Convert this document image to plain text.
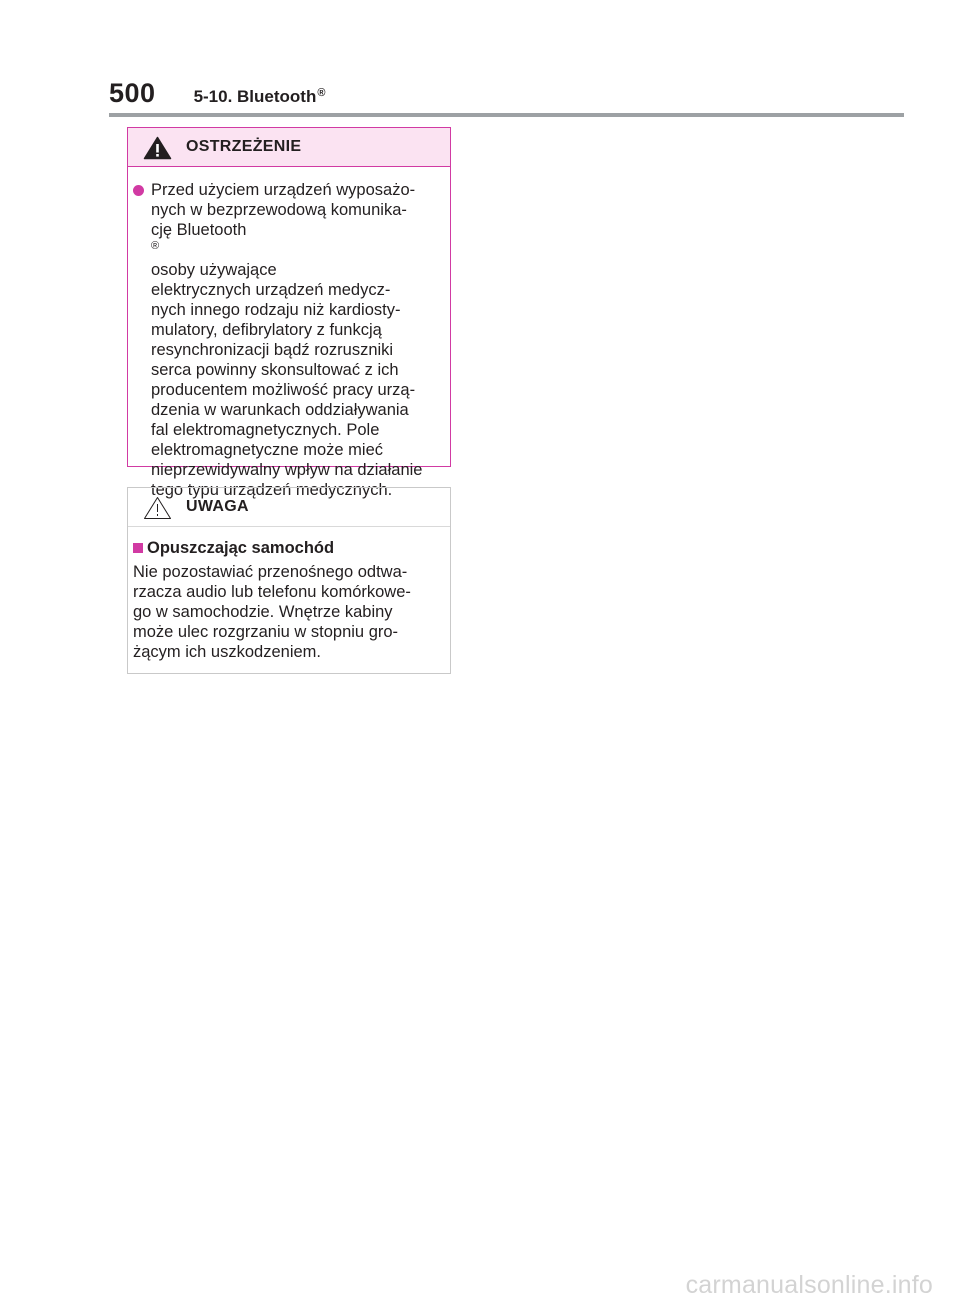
500 5-10. Bluetooth®
OSTRZEŻENIE
Przed użyciem urządzeń wyposażo-
nych w bezprzewodową komunika-
cję Bluetooth
®
osoby używające
elektrycznych urządzeń medycz-
nych innego rodzaju niż kardiosty-
mulatory, defibrylatory z funkcją
resynchronizacji bądź rozruszniki
serca powinny skonsultować z ich
producentem możliwość pracy urzą-
dzenia w warunkach oddziaływania
fal elektromagnetycznych. Pole
elektromagnetyczne może mieć
nieprzewidywalny wpływ na działanie
tego typu urządzeń medycznych.
UWAGA
Opuszczając samochód
Nie pozostawiać przenośnego odtwa-
rzacza audio lub telefonu komórkowe-
go w samochodzie. Wnętrze kabiny
może ulec rozgrzaniu w stopniu gro-
żącym ich uszkodzeniem.
carmanualsonline.info
